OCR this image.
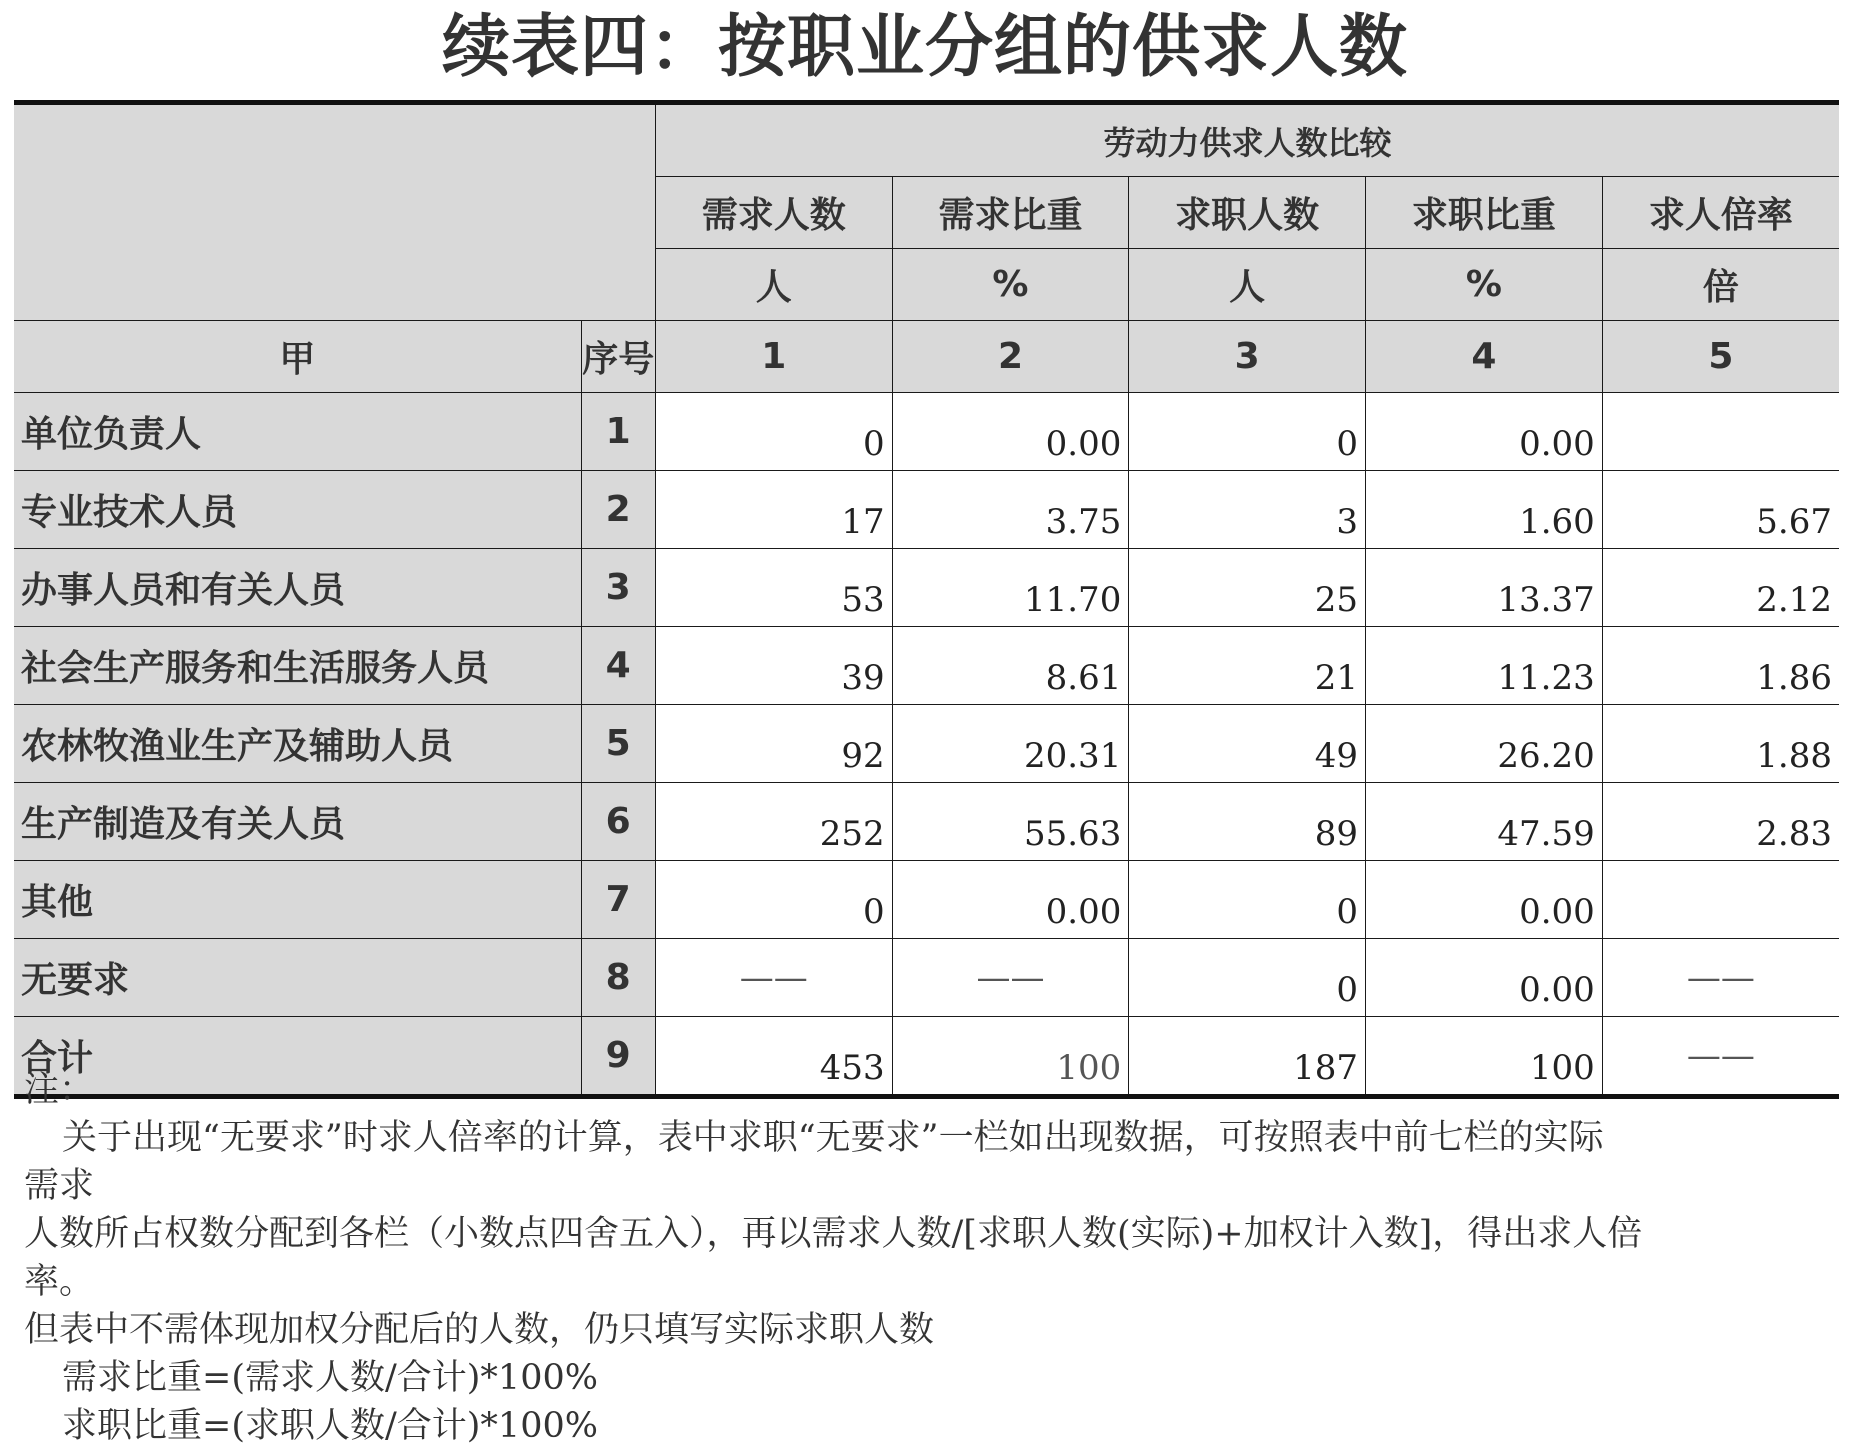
续表四：按职业分组的供求人数
		劳动力供求人数比较				
		需求人数	需求比重	求职人数	求职比重	求人倍率
		人	%	人	%	倍
甲	序号	1	2	3	4	5
单位负责人	1	0	0.00	0	0.00	
专业技术人员	2	17	3.75	3	1.60	5.67
办事人员和有关人员	3	53	11.70	25	13.37	2.12
社会生产服务和生活服务人员	4	39	8.61	21	11.23	1.86
农林牧渔业生产及辅助人员	5	92	20.31	49	26.20	1.88
生产制造及有关人员	6	252	55.63	89	47.59	2.83
其他	7	0	0.00	0	0.00	
无要求	8	——	——	0	0.00	——
合计	9	453	100	187	100	——
注：
关于出现“无要求”时求人倍率的计算，表中求职“无要求”一栏如出现数据，可按照表中前七栏的实际
需求
人数所占权数分配到各栏（小数点四舍五入），再以需求人数/[求职人数(实际)+加权计入数]，得出求人倍
率。
但表中不需体现加权分配后的人数，仍只填写实际求职人数
需求比重=(需求人数/合计)*100%
求职比重=(求职人数/合计)*100%
